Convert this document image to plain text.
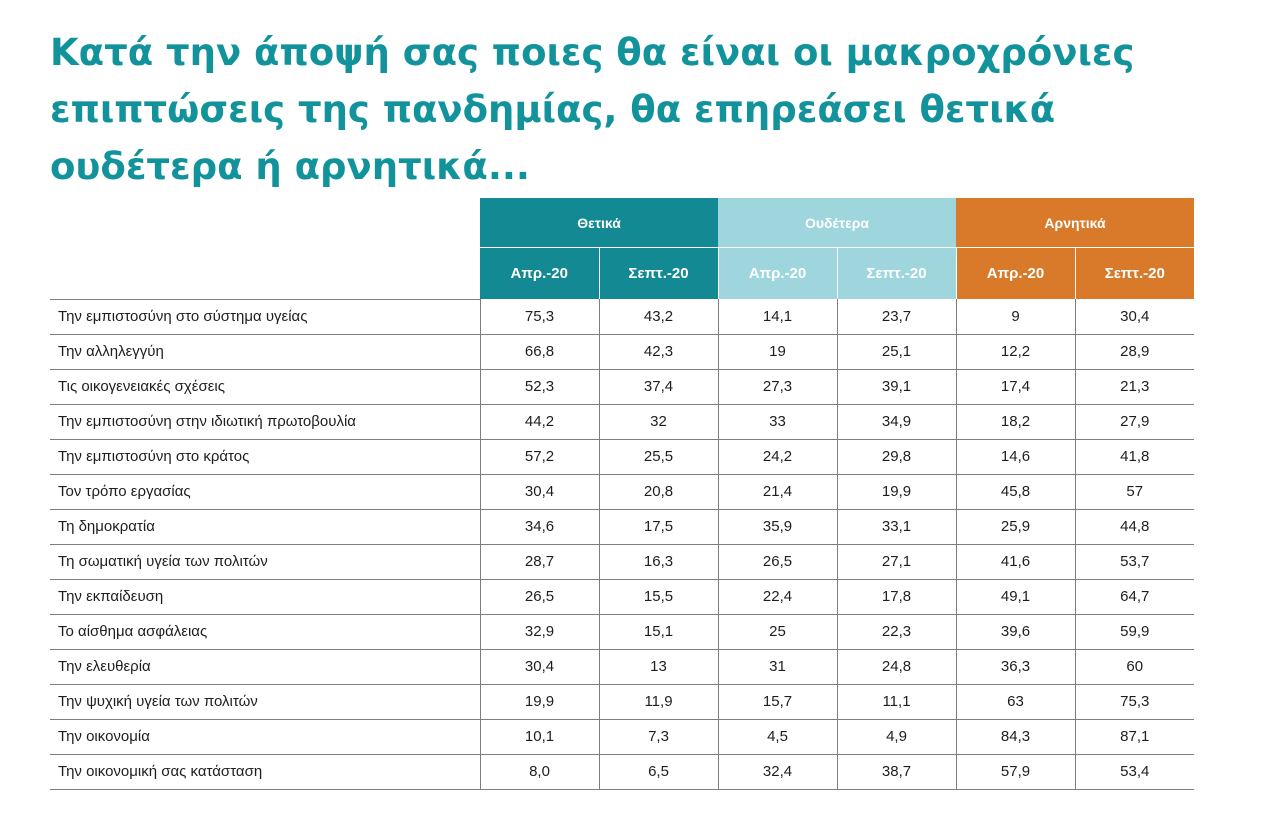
Κατά την άποψή σας ποιες θα είναι οι μακροχρόνιες επιπτώσεις της πανδημίας, θα επηρεάσει θετικά ουδέτερα ή αρνητικά...
	Θετικά		Ουδέτερα		Αρνητικά	
	Απρ.-20	Σεπτ.-20	Απρ.-20	Σεπτ.-20	Απρ.-20	Σεπτ.-20
Την εμπιστοσύνη στο σύστημα υγείας	75,3	43,2	14,1	23,7	9	30,4
Την αλληλεγγύη	66,8	42,3	19	25,1	12,2	28,9
Τις οικογενειακές σχέσεις	52,3	37,4	27,3	39,1	17,4	21,3
Την εμπιστοσύνη στην ιδιωτική πρωτοβουλία	44,2	32	33	34,9	18,2	27,9
Την εμπιστοσύνη στο κράτος	57,2	25,5	24,2	29,8	14,6	41,8
Τον τρόπο εργασίας	30,4	20,8	21,4	19,9	45,8	57
Τη δημοκρατία	34,6	17,5	35,9	33,1	25,9	44,8
Τη σωματική υγεία των πολιτών	28,7	16,3	26,5	27,1	41,6	53,7
Την εκπαίδευση	26,5	15,5	22,4	17,8	49,1	64,7
Το αίσθημα ασφάλειας	32,9	15,1	25	22,3	39,6	59,9
Την ελευθερία	30,4	13	31	24,8	36,3	60
Την ψυχική υγεία των πολιτών	19,9	11,9	15,7	11,1	63	75,3
Την οικονομία	10,1	7,3	4,5	4,9	84,3	87,1
Την οικονομική σας κατάσταση	8,0	6,5	32,4	38,7	57,9	53,4
